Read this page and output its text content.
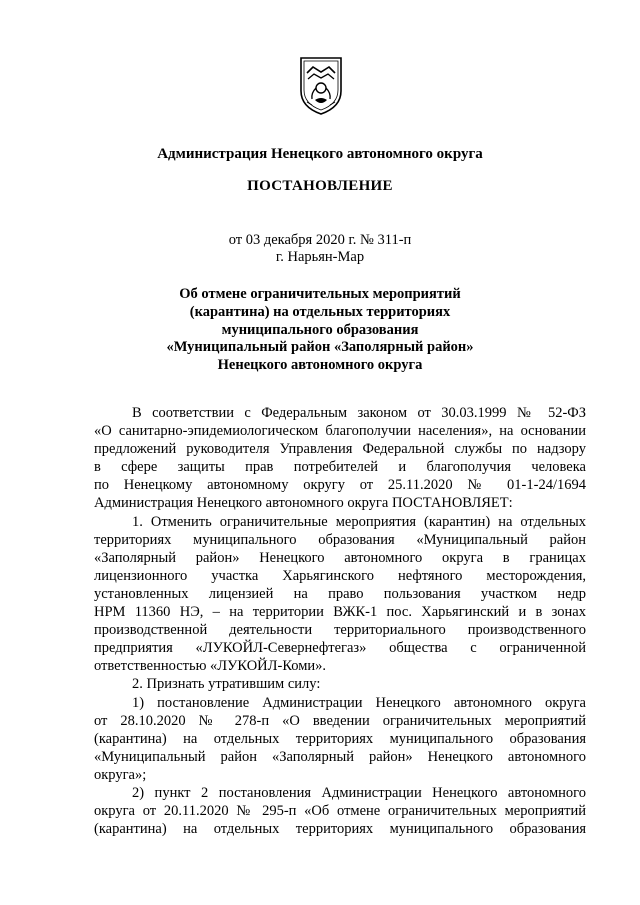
Администрация Ненецкого автономного округа
ПОСТАНОВЛЕНИЕ
от 03 декабря 2020 г. № 311-п
г. Нарьян-Мар
Об отмене ограничительных мероприятий
(карантина) на отдельных территориях
муниципального образования
«Муниципальный район «Заполярный район»
Ненецкого автономного округа

В соответствии с Федеральным законом от 30.03.1999 № 52-ФЗ

«О санитарно-эпидемиологическом благополучии населения», на основании

предложений руководителя Управления Федеральной службы по надзору

в сфере защиты прав потребителей и благополучия человека

по Ненецкому автономному округу от 25.11.2020 № 01-1-24/1694

Администрация Ненецкого автономного округа ПОСТАНОВЛЯЕТ:

1. Отменить ограничительные мероприятия (карантин) на отдельных

территориях муниципального образования «Муниципальный район

«Заполярный район» Ненецкого автономного округа в границах

лицензионного участка Харьягинского нефтяного месторождения,

установленных лицензией на право пользования участком недр

НРМ 11360 НЭ, – на территории ВЖК-1 пос. Харьягинский и в зонах

производственной деятельности территориального производственного

предприятия «ЛУКОЙЛ-Севернефтегаз» общества с ограниченной

ответственностью «ЛУКОЙЛ-Коми».

2. Признать утратившим силу:

1) постановление Администрации Ненецкого автономного округа

от 28.10.2020 № 278-п «О введении ограничительных мероприятий

(карантина) на отдельных территориях муниципального образования

«Муниципальный район «Заполярный район» Ненецкого автономного

округа»;

2) пункт 2 постановления Администрации Ненецкого автономного

округа от 20.11.2020 № 295-п «Об отмене ограничительных мероприятий

(карантина) на отдельных территориях муниципального образования
